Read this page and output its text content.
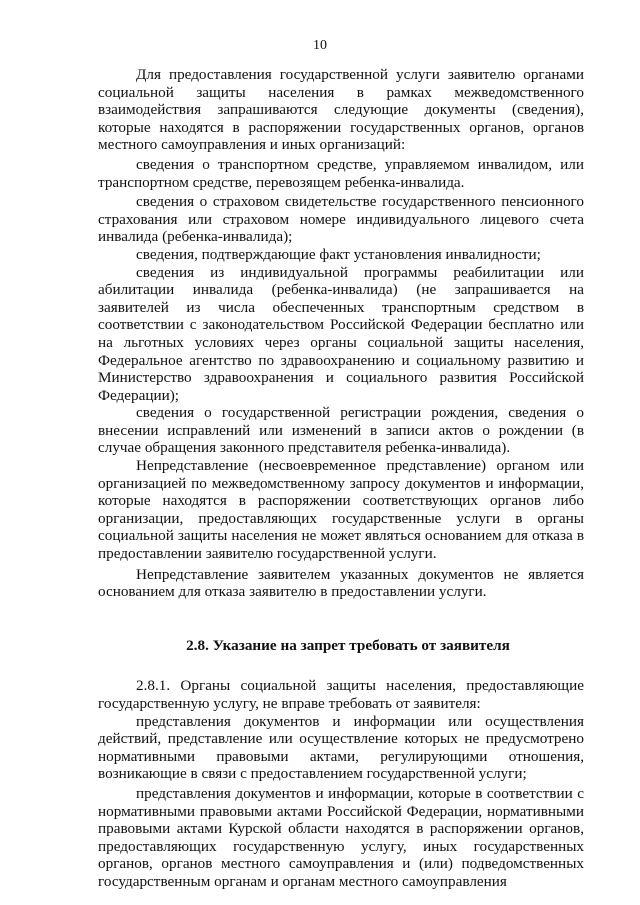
10

Для предоставления государственной услуги заявителю органами социальной защиты населения в рамках межведомственного взаимодействия запрашиваются следующие документы (сведения), которые находятся в распоряжении государственных органов, органов местного самоуправления и иных организаций:

сведения о транспортном средстве, управляемом инвалидом, или транспортном средстве, перевозящем ребенка-инвалида.

сведения о страховом свидетельстве государственного пенсионного страхования или страховом номере индивидуального лицевого счета инвалида (ребенка-инвалида);

сведения, подтверждающие факт установления инвалидности;

сведения из индивидуальной программы реабилитации или абилитации инвалида (ребенка-инвалида) (не запрашивается на заявителей из числа обеспеченных транспортным средством в соответствии с законодательством Российской Федерации бесплатно или на льготных условиях через органы социальной защиты населения, Федеральное агентство по здравоохранению и социальному развитию и Министерство здравоохранения и социального развития Российской Федерации);

сведения о государственной регистрации рождения, сведения о внесении исправлений или изменений в записи актов о рождении (в случае обращения законного представителя ребенка-инвалида).

Непредставление (несвоевременное представление) органом или организацией по межведомственному запросу документов и информации, которые находятся в распоряжении соответствующих органов либо организации, предоставляющих государственные услуги в органы социальной защиты населения не может являться основанием для отказа в предоставлении заявителю государственной услуги.

Непредставление заявителем указанных документов не является основанием для отказа заявителю в предоставлении услуги.

2.8. Указание на запрет требовать от заявителя

2.8.1. Органы социальной защиты населения, предоставляющие государственную услугу, не вправе требовать от заявителя:

представления документов и информации или осуществления действий, представление или осуществление которых не предусмотрено нормативными правовыми актами, регулирующими отношения, возникающие в связи с предоставлением государственной услуги;

представления документов и информации, которые в соответствии с нормативными правовыми актами Российской Федерации, нормативными правовыми актами Курской области находятся в распоряжении органов, предоставляющих государственную услугу, иных государственных органов, органов местного самоуправления и (или) подведомственных государственным органам и органам местного самоуправления
